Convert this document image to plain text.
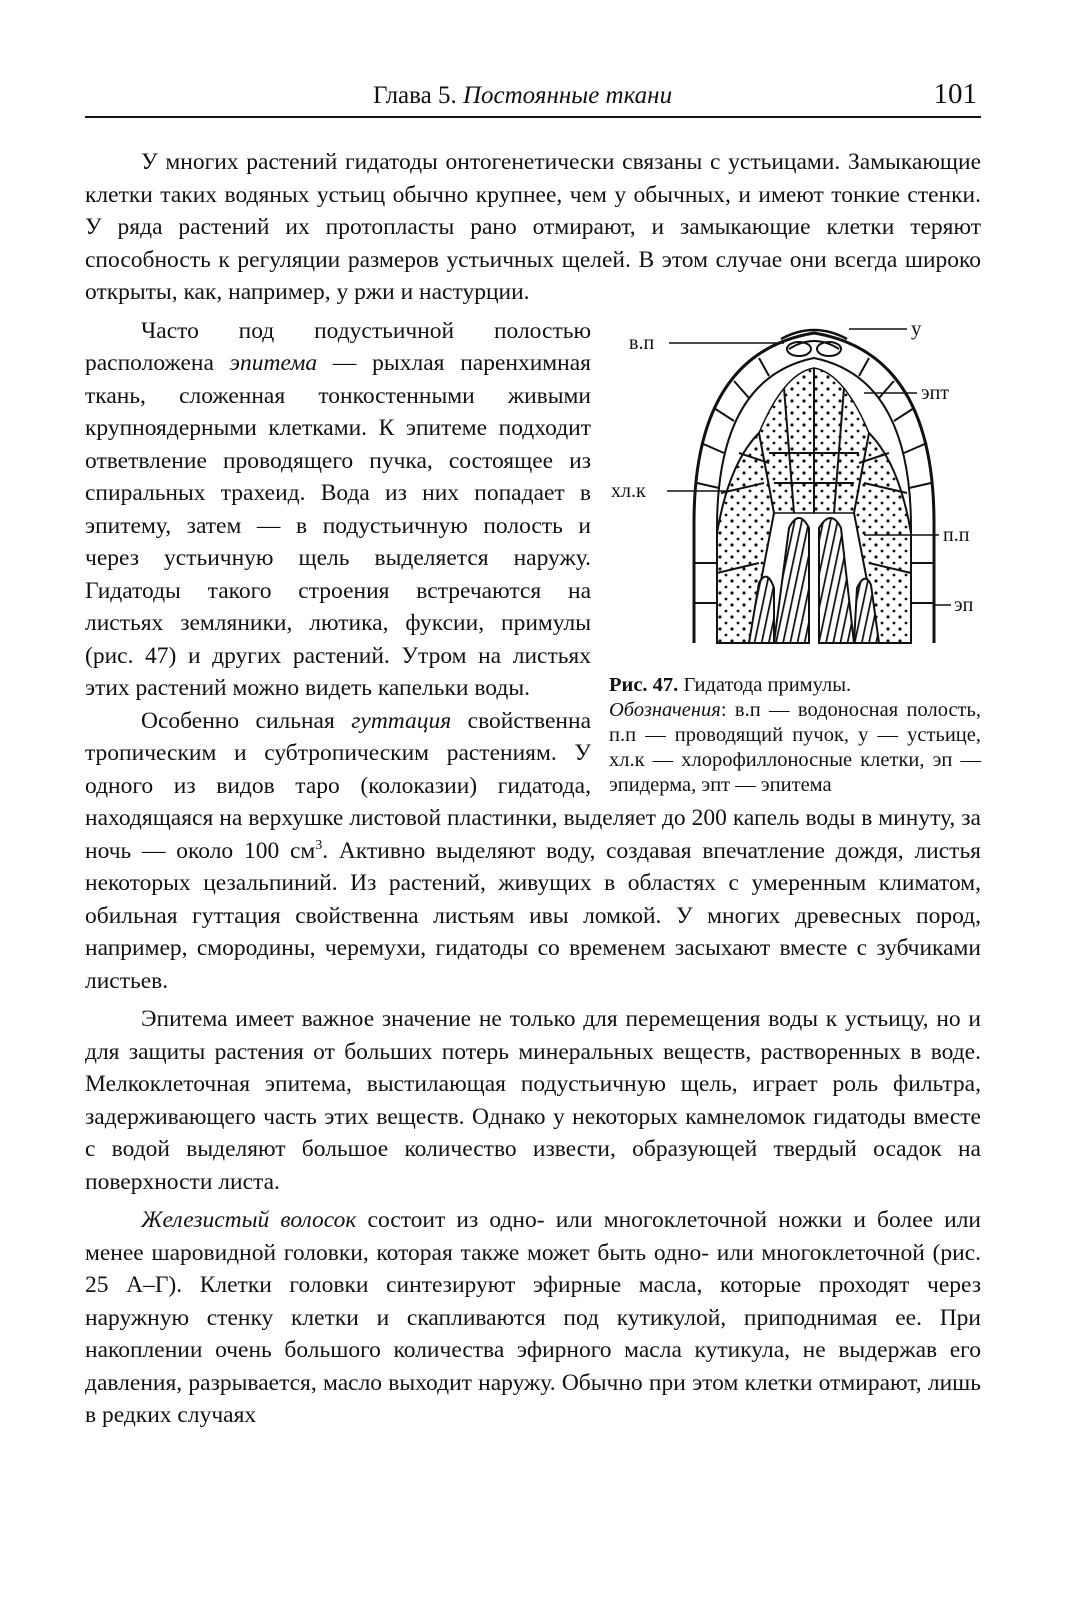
Глава 5. Постоянные ткани	101

У многих растений гидатоды онтогенетически связаны с устьицами. Замыкающие клетки таких водяных устьиц обычно крупнее, чем у обычных, и имеют тонкие стенки. У ряда растений их протопласты рано отмирают, и замыкающие клетки теряют способность к регуляции размеров устьичных щелей. В этом случае они всегда широко открыты, как, например, у ржи и настурции.

в.п
у
эпт
хл.к
п.п
эп
Рис. 47. Гидатода примулы.
Обозначения: в.п — водоносная полость, п.п — проводящий пучок, у — устьице, хл.к — хлорофиллоносные клетки, эп — эпидерма, эпт — эпитема

Часто под подустьичной полостью расположена эпитема — рыхлая паренхимная ткань, сложенная тонкостенными живыми крупноядерными клетками. К эпитеме подходит ответвление проводящего пучка, состоящее из спиральных трахеид. Вода из них попадает в эпитему, затем — в подустьичную полость и через устьичную щель выделяется наружу. Гидатоды такого строения встречаются на листьях земляники, лютика, фуксии, примулы (рис. 47) и других растений. Утром на листьях этих растений можно видеть капельки воды.

Особенно сильная гуттация свойственна тропическим и субтропическим растениям. У одного из видов таро (колоказии) гидатода, находящаяся на верхушке листовой пластинки, выделяет до 200 капель воды в минуту, за ночь — около 100 $см^3$. Активно выделяют воду, создавая впечатление дождя, листья некоторых цезальпиний. Из растений, живущих в областях с умеренным климатом, обильная гуттация свойственна листьям ивы ломкой. У многих древесных пород, например, смородины, черемухи, гидатоды со временем засыхают вместе с зубчиками листьев.

Эпитема имеет важное значение не только для перемещения воды к устьицу, но и для защиты растения от больших потерь минеральных веществ, растворенных в воде. Мелкоклеточная эпитема, выстилающая подустьичную щель, играет роль фильтра, задерживающего часть этих веществ. Однако у некоторых камнеломок гидатоды вместе с водой выделяют большое количество извести, образующей твердый осадок на поверхности листа.

Железистый волосок состоит из одно- или многоклеточной ножки и более или менее шаровидной головки, которая также может быть одно- или многоклеточной (рис. 25 А–Г). Клетки головки синтезируют эфирные масла, которые проходят через наружную стенку клетки и скапливаются под кутикулой, приподнимая ее. При накоплении очень большого количества эфирного масла кутикула, не выдержав его давления, разрывается, масло выходит наружу. Обычно при этом клетки отмирают, лишь в редких случаях
